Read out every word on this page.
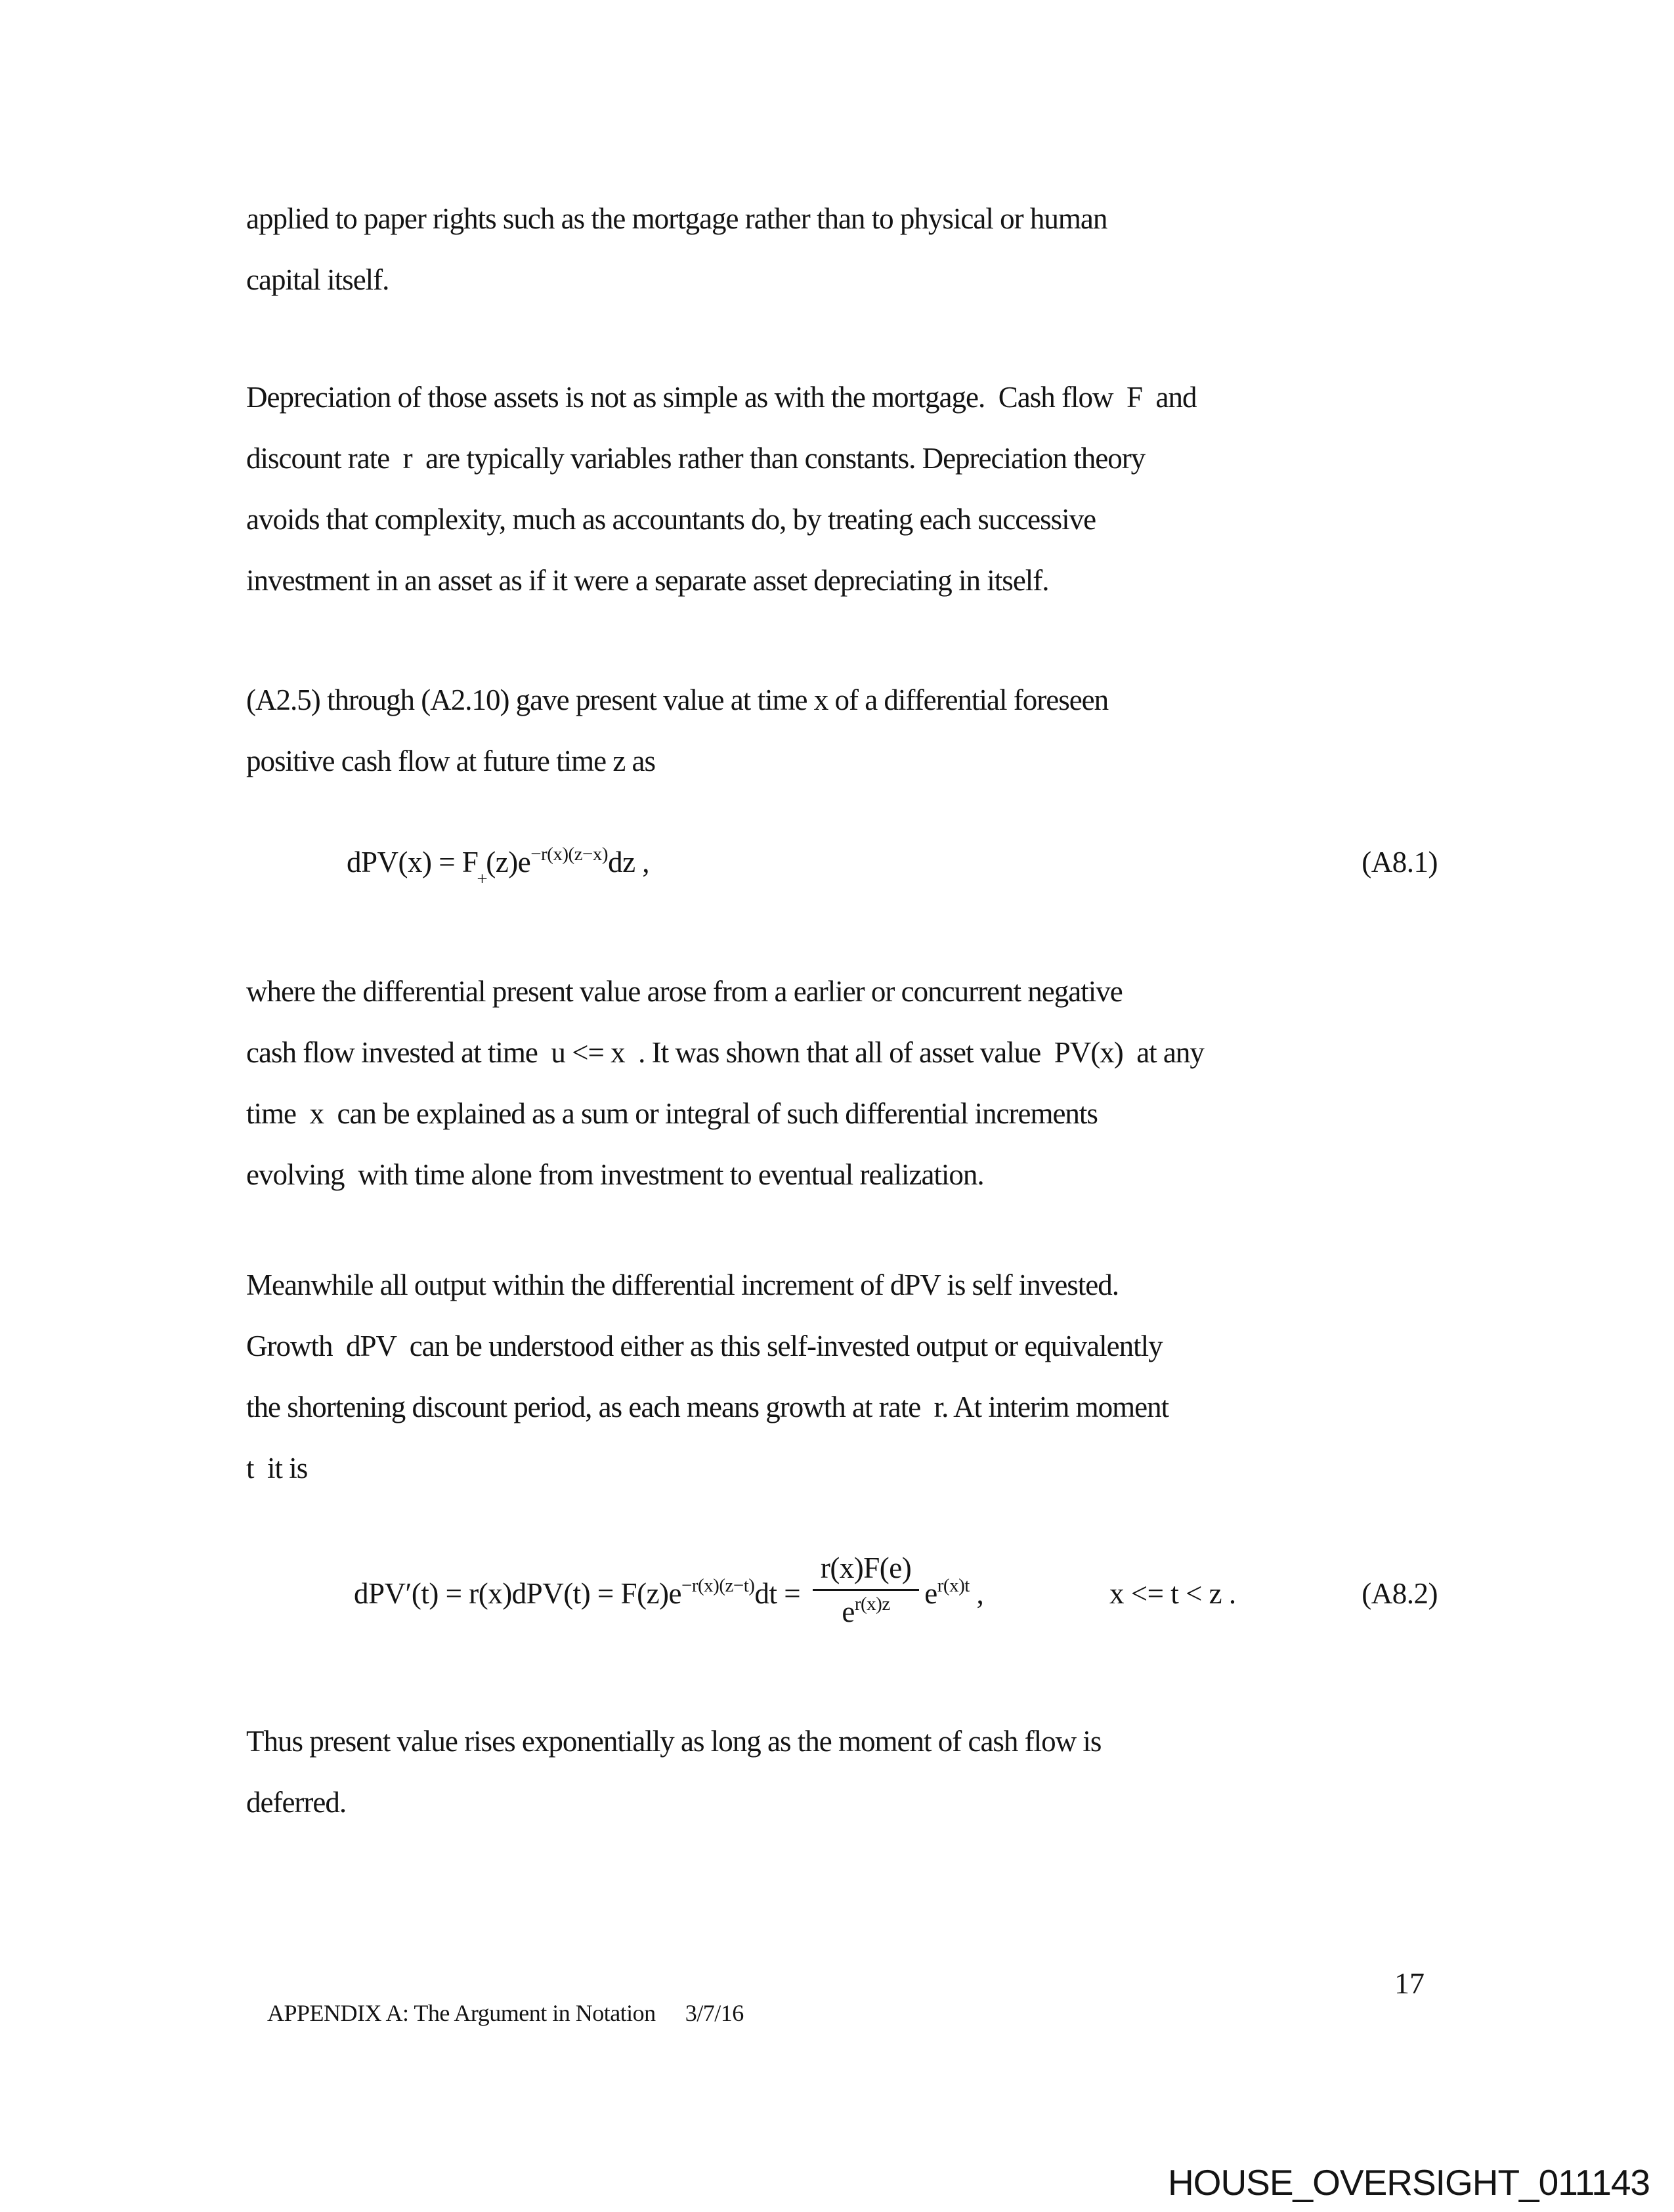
applied to paper rights such as the mortgage rather than to physical or human
capital itself.
Depreciation of those assets is not as simple as with the mortgage.  Cash flow  F  and
discount rate  r  are typically variables rather than constants. Depreciation theory
avoids that complexity, much as accountants do, by treating each successive
investment in an asset as if it were a separate asset depreciating in itself.
(A2.5) through (A2.10) gave present value at time x of a differential foreseen
positive cash flow at future time z as
$dPV(x) = F_+(z)e^{-r(x)(z-x)}dz$ ,	(A8.1)
where the differential present value arose from a earlier or concurrent negative
cash flow invested at time  u <= x  . It was shown that all of asset value  PV(x)  at any
time  x  can be explained as a sum or integral of such differential increments
evolving  with time alone from investment to eventual realization.
Meanwhile all output within the differential increment of dPV is self invested.
Growth  dPV  can be understood either as this self-invested output or equivalently
the shortening discount period, as each means growth at rate  r. At interim moment
t  it is
$dPV'(t) = r(x)dPV(t) = F(z)e^{-r(x)(z-t)}dt = \frac{r(x)F(e)}{e^{r(x)z}} e^{r(x)t}$ ,	x <= t < z .	(A8.2)
Thus present value rises exponentially as long as the moment of cash flow is
deferred.

APPENDIX A: The Argument in Notation 3/7/16

17
HOUSE_OVERSIGHT_011143
